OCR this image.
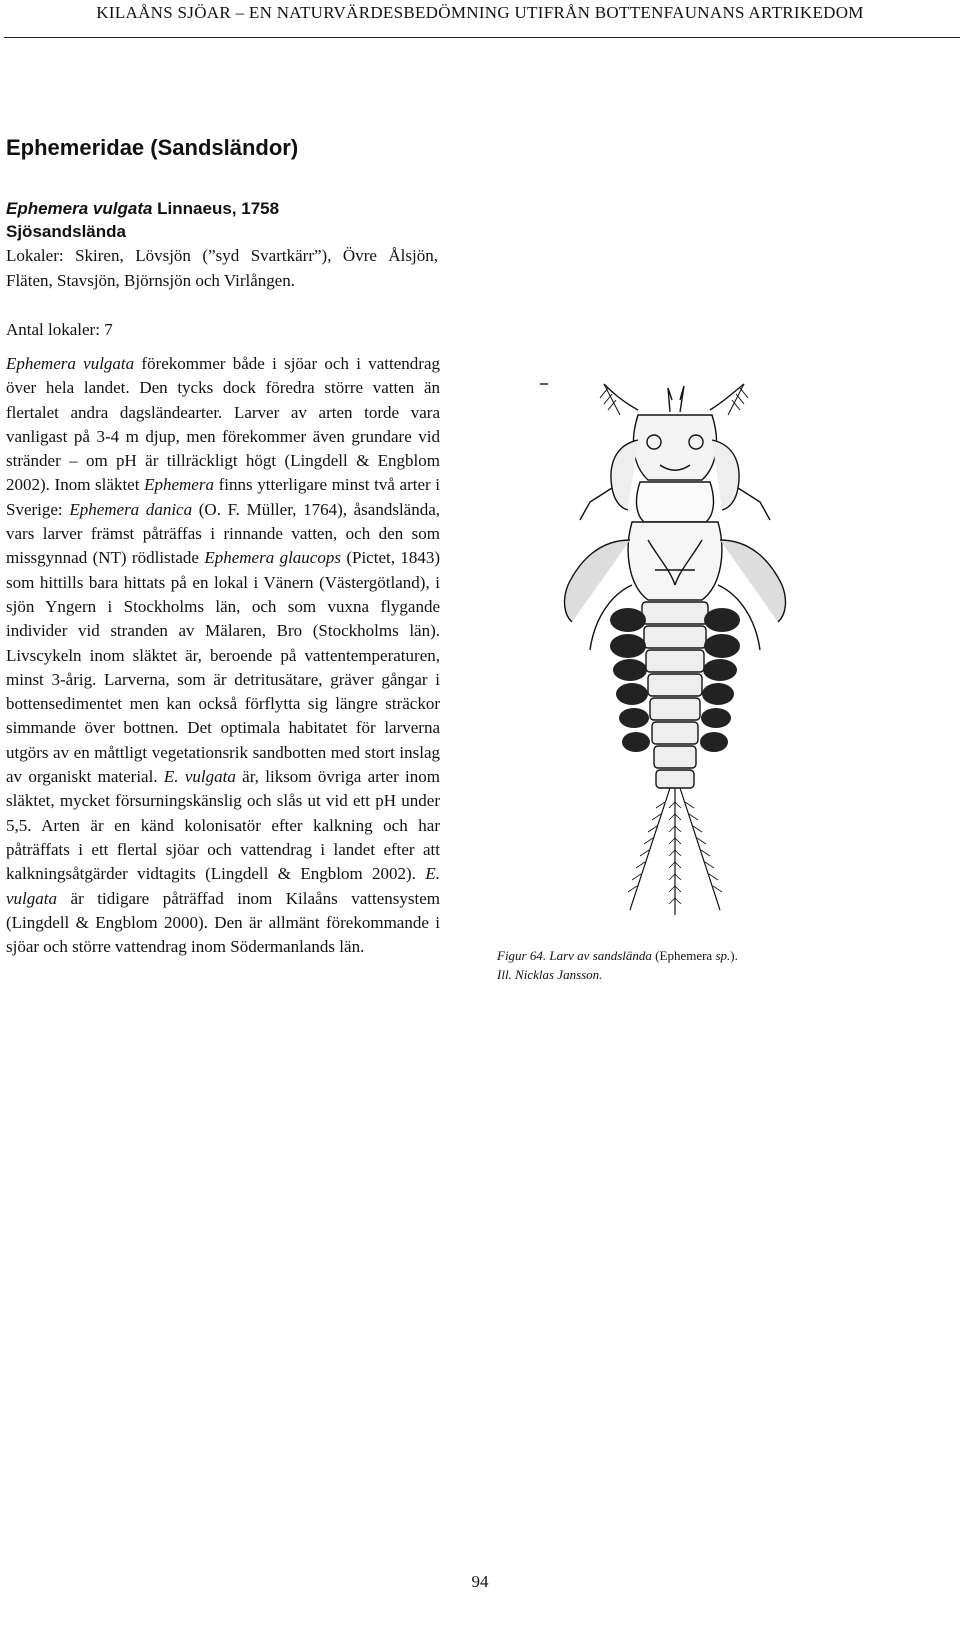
KILAÅNS SJÖAR – EN NATURVÄRDESBEDÖMNING UTIFRÅN BOTTENFAUNANS ARTRIKEDOM
Ephemeridae (Sandsländor)
Ephemera vulgata Linnaeus, 1758
Sjösandslända
Lokaler: Skiren, Lövsjön (”syd Svartkärr”), Övre Ålsjön, Fläten, Stavsjön, Björnsjön och Virlången.
Antal lokaler: 7
Ephemera vulgata förekommer både i sjöar och i vattendrag över hela landet. Den tycks dock föredra större vatten än flertalet andra dagsländearter. Larver av arten torde vara vanligast på 3-4 m djup, men förekommer även grundare vid stränder – om pH är tillräckligt högt (Lingdell & Engblom 2002). Inom släktet Ephemera finns ytterligare minst två arter i Sverige: Ephemera danica (O. F. Müller, 1764), åsandslända, vars larver främst påträffas i rinnande vatten, och den som missgynnad (NT) rödlistade Ephemera glaucops (Pictet, 1843) som hittills bara hittats på en lokal i Vänern (Västergötland), i sjön Yngern i Stockholms län, och som vuxna flygande individer vid stranden av Mälaren, Bro (Stockholms län). Livscykeln inom släktet är, beroende på vattentemperaturen, minst 3-årig. Larverna, som är detritusätare, gräver gångar i bottensedimentet men kan också förflytta sig längre sträckor simmande över bottnen. Det optimala habitatet för larverna utgörs av en måttligt vegetationsrik sandbotten med stort inslag av organiskt material. E. vulgata är, liksom övriga arter inom släktet, mycket försurningskänslig och slås ut vid ett pH under 5,5. Arten är en känd kolonisatör efter kalkning och har påträffats i ett flertal sjöar och vattendrag i landet efter att kalkningsåtgärder vidtagits (Lingdell & Engblom 2002). E. vulgata är tidigare påträffad inom Kilaåns vattensystem (Lingdell & Engblom 2000). Den är allmänt förekommande i sjöar och större vattendrag inom Södermanlands län.	Figur 64. Larv av sandslända (Ephemera sp.).
Ill. Nicklas Jansson.
94
